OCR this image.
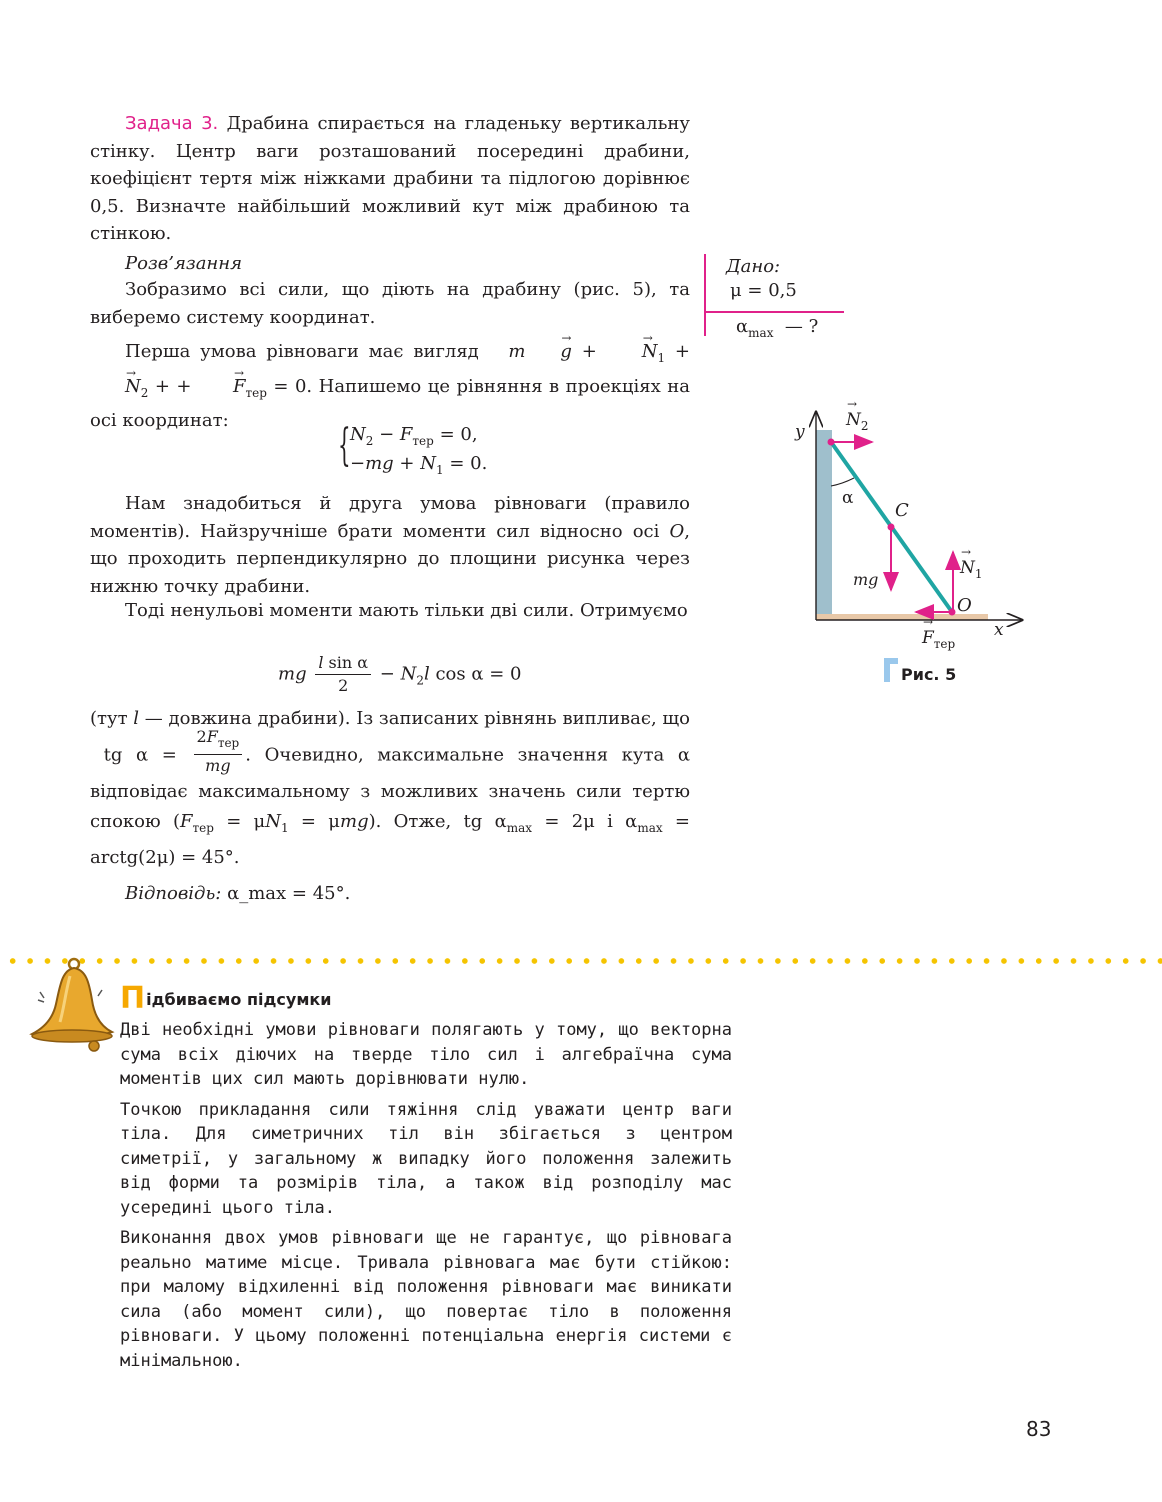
Задача 3. Драбина спирається на гладеньку вертикальну стінку. Центр ваги розташований посередині драбини, коефіцієнт тертя між ніжками драбини та підлогою дорівнює 0,5. Визначте найбільший можливий кут між драбиною та стінкою.
Розв’язання
Зобразимо всі сили, що діють на драбину (рис. 5), та виберемо систему координат.
Перша умова рівноваги має вигляд m→ g + → $N_1$ + → $N_2$ + + → $F_{тер} = 0$. Напишемо це рівняння в проекціях на осі координат:	{ $N_2 - F_{тер} = 0$,
$-mg + N_1 = 0$.
Нам знадобиться й друга умова рівноваги (правило моментів). Найзручніше брати моменти сил відносно осі O, що проходить перпендикулярно до площини рисунка через нижню точку драбини.
Тоді ненульові моменти мають тільки дві сили. Отримуємо
mg $\frac{\text{l sin α}}{2} - N_2l$ cos α = 0
(тут l — довжина драбини). Із записаних рівнянь випливає, що  tg $\alpha = \frac{2F_{тер}}{mg}$ . Очевидно, максимальне значення кута α відповідає максимальному з можливих значень сили тертю спокою $(F_{тер} = \mu N_1 = \mu mg)$. Отже, tg $\alpha_{max} = 2\mu$ і $\alpha_{max}$ = arctg(2μ) = 45°.
Відповідь: α_max = 45°.
Дано:
μ = 0,5
$\alpha_{max}$ — ?
y
x
→ $N_2$
→ $N_1$
α
C
O
mg
→ $F_{тер}$
Рис. 5
Підбиваємо підсумки

Дві необхідні умови рівноваги полягають у тому, що векторна сума всіх діючих на тверде тіло сил і алгебраїчна сума моментів цих сил мають дорівнювати нулю.

Точкою прикладання сили тяжіння слід уважати центр ваги тіла. Для симетричних тіл він збігається з центром симетрії, у загальному ж випадку його положення залежить від форми та розмірів тіла, а також від розподілу мас усередині цього тіла.

Виконання двох умов рівноваги ще не гарантує, що рівновага реально матиме місце. Тривала рівновага має бути стійкою: при малому відхиленні від положення рівноваги має виникати сила (або момент сили), що повертає тіло в положення рівноваги. У цьому положенні потенціальна енергія системи є мінімальною.

83
